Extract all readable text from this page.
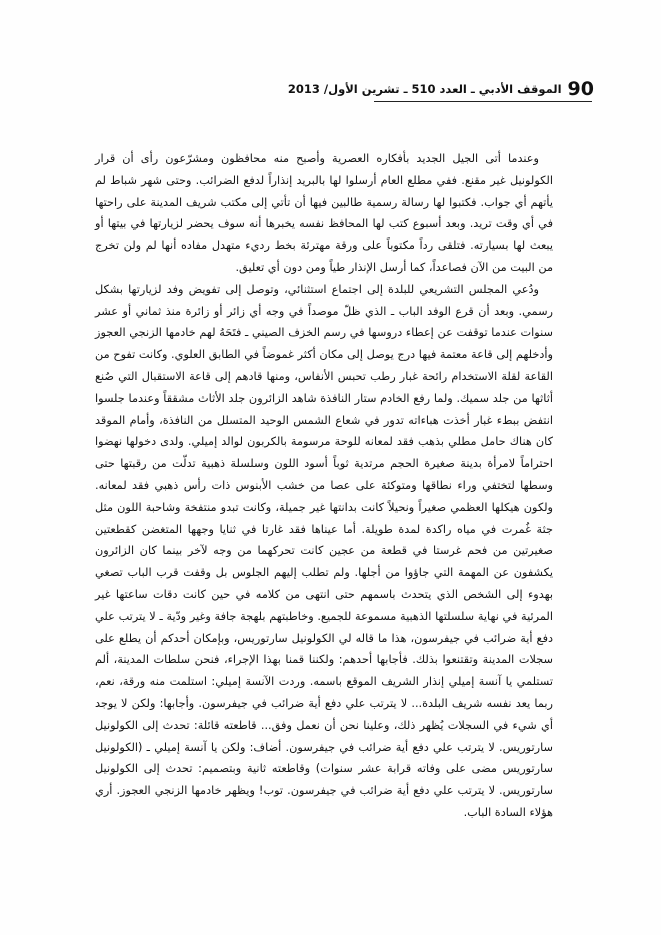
90
الموقف الأدبي ـ العدد 510 ـ تشرين الأول/ 2013

وعندما أتى الجيل الجديد بأفكاره العصرية وأصبح منه محافظون ومشرّعون رأى أن قرار الكولونيل غير مقنع. ففي مطلع العام أرسلوا لها بالبريد إنذاراً لدفع الضرائب. وحتى شهر شباط لم يأتهم أي جواب. فكتبوا لها رسالة رسمية طالبين فيها أن تأتي إلى مكتب شريف المدينة على راحتها في أي وقت تريد. وبعد أسبوع كتب لها المحافظ نفسه يخبرها أنه سوف يحضر لزيارتها في بيتها أو يبعث لها بسيارته. فتلقى رداً مكتوباً على ورقة مهترئة بخط رديء متهدل مفاده أنها لم ولن تخرج من البيت من الآن فصاعداً، كما أرسل الإنذار طياً ومن دون أي تعليق.

ودُعي المجلس التشريعي للبلدة إلى اجتماع استثنائي، وتوصل إلى تفويض وفد لزيارتها بشكل رسمي. وبعد أن قرع الوفد الباب ـ الذي ظلّ موصداً في وجه أي زائر أو زائرة منذ ثماني أو عشر سنوات عندما توقفت عن إعطاء دروسها في رسم الخزف الصيني ـ فتَحَهُ لهم خادمها الزنجي العجوز وأدخلهم إلى قاعة معتمة فيها درج يوصل إلى مكان أكثر غموضاً في الطابق العلوي. وكانت تفوح من القاعة لقلة الاستخدام رائحة غبار رطب تحبس الأنفاس، ومنها قادهم إلى قاعة الاستقبال التي صُنع أثاثها من جلد سميك. ولما رفع الخادم ستار النافذة شاهد الزائرون جلد الأثاث مشققاً وعندما جلسوا انتفض ببطء غبار أخذت هباءاته تدور في شعاع الشمس الوحيد المتسلل من النافذة، وأمام الموقد كان هناك حامل مطلي بذهب فقد لمعانه للوحة مرسومة بالكربون لوالد إميلي. ولدى دخولها نهضوا احتراماً لامرأة بدينة صغيرة الحجم مرتدية ثوباً أسود اللون وسلسلة ذهبية تدلّت من رقبتها حتى وسطها لتختفي وراء نطاقها ومتوكئة على عصا من خشب الأبنوس ذات رأس ذهبي فقد لمعانه. ولكون هيكلها العظمي صغيراً ونحيلاً كانت بدانتها غير جميلة، وكانت تبدو منتفخة وشاحبة اللون مثل جثة غُمرت في مياه راكدة لمدة طويلة. أما عيناها فقد غارتا في ثنايا وجهها المتغضن كقطعتين صغيرتين من فحم غرستا في قطعة من عجين كانت تحركهما من وجه لآخر بينما كان الزائرون يكشفون عن المهمة التي جاؤوا من أجلها. ولم تطلب إليهم الجلوس بل وقفت قرب الباب تصغي بهدوء إلى الشخص الذي يتحدث باسمهم حتى انتهى من كلامه في حين كانت دقات ساعتها غير المرئية في نهاية سلسلتها الذهبية مسموعة للجميع. وخاطبتهم بلهجة جافة وغير ودّية ـ لا يترتب علي دفع أية ضرائب في جيفرسون، هذا ما قاله لي الكولونيل سارتوريس، وبإمكان أحدكم أن يطلع على سجلات المدينة وتقتنعوا بذلك. فأجابها أحدهم: ولكننا قمنا بهذا الإجراء، فنحن سلطات المدينة، ألم تستلمي يا آنسة إميلي إنذار الشريف الموقع باسمه. وردت الآنسة إميلي: استلمت منه ورقة، نعم، ربما يعد نفسه شريف البلدة... لا يترتب علي دفع أية ضرائب في جيفرسون. وأجابها: ولكن لا يوجد أي شيء في السجلات يُظهر ذلك، وعلينا نحن أن نعمل وفق... قاطعته قائلة: تحدث إلى الكولونيل سارتوريس. لا يترتب علي دفع أية ضرائب في جيفرسون. أضاف: ولكن يا آنسة إميلي ـ (الكولونيل سارتوريس مضى على وفاته قرابة عشر سنوات) وقاطعته ثانية وبتصميم: تحدث إلى الكولونيل سارتوريس. لا يترتب علي دفع أية ضرائب في جيفرسون. توب! ويظهر خادمها الزنجي العجوز. أري هؤلاء السادة الباب.
